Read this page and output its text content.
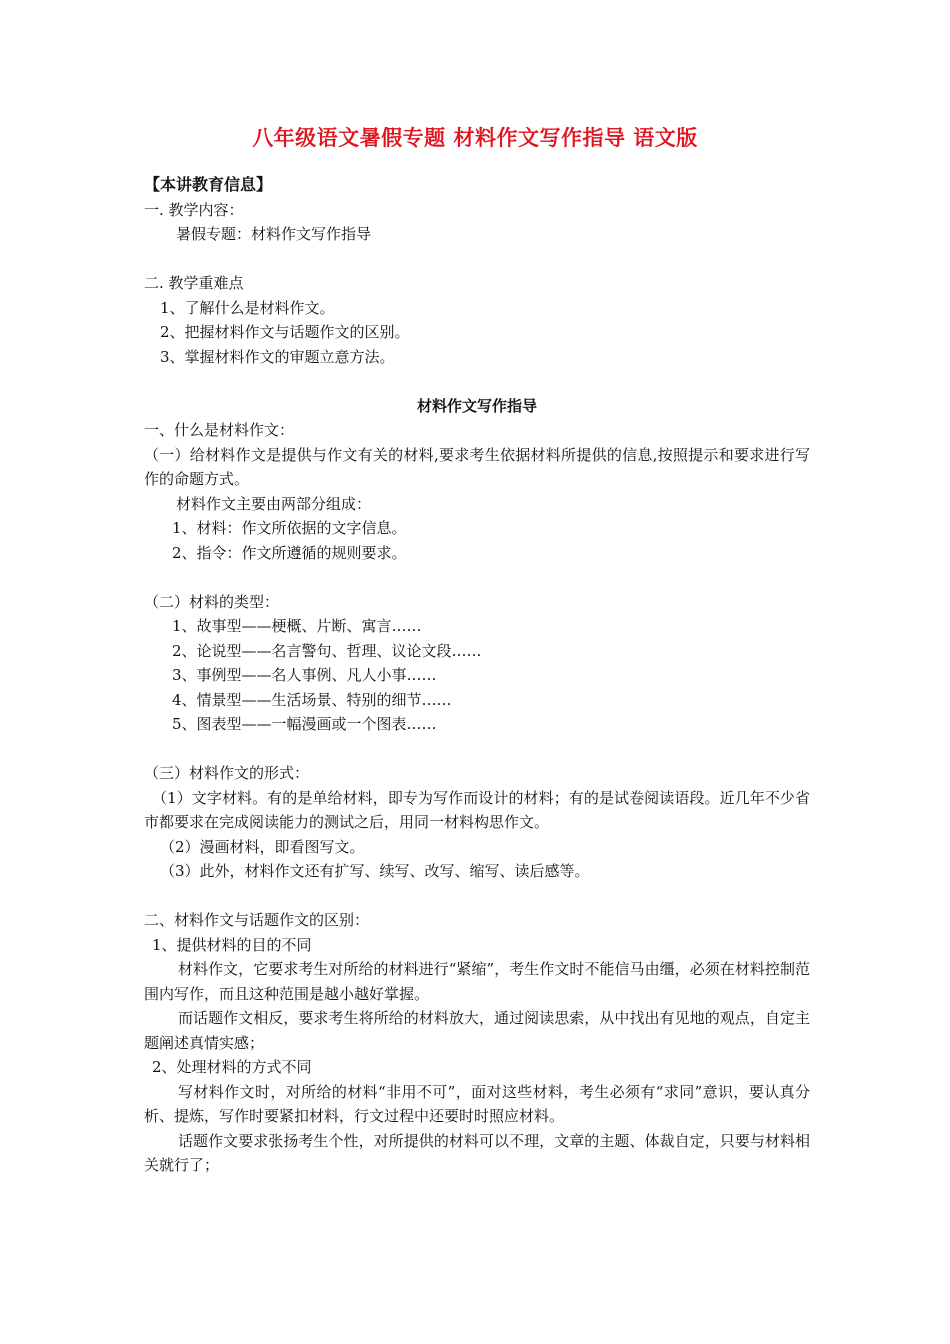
八年级语文暑假专题 材料作文写作指导 语文版
【本讲教育信息】
一. 教学内容：
暑假专题：材料作文写作指导
二. 教学重难点
1、了解什么是材料作文。
2、把握材料作文与话题作文的区别。
3、掌握材料作文的审题立意方法。
材料作文写作指导
一、什么是材料作文：
（一）给材料作文是提供与作文有关的材料,要求考生依据材料所提供的信息,按照提示和要求进行写作的命题方式。
材料作文主要由两部分组成：
1、材料：作文所依据的文字信息。
2、指令：作文所遵循的规则要求。
（二）材料的类型：
1、故事型——梗概、片断、寓言……
2、论说型——名言警句、哲理、议论文段……
3、事例型——名人事例、凡人小事……
4、情景型——生活场景、特别的细节……
5、图表型——一幅漫画或一个图表……
（三）材料作文的形式：
（1）文字材料。有的是单给材料，即专为写作而设计的材料；有的是试卷阅读语段。近几年不少省市都要求在完成阅读能力的测试之后，用同一材料构思作文。
（2）漫画材料，即看图写文。
（3）此外，材料作文还有扩写、续写、改写、缩写、读后感等。
二、材料作文与话题作文的区别：
1、提供材料的目的不同
材料作文，它要求考生对所给的材料进行“紧缩”，考生作文时不能信马由缰，必须在材料控制范围内写作，而且这种范围是越小越好掌握。
而话题作文相反，要求考生将所给的材料放大，通过阅读思索，从中找出有见地的观点，自定主题阐述真情实感；
2、处理材料的方式不同
写材料作文时，对所给的材料“非用不可”，面对这些材料，考生必须有“求同”意识，要认真分析、提炼，写作时要紧扣材料，行文过程中还要时时照应材料。
话题作文要求张扬考生个性，对所提供的材料可以不理，文章的主题、体裁自定，只要与材料相关就行了；
